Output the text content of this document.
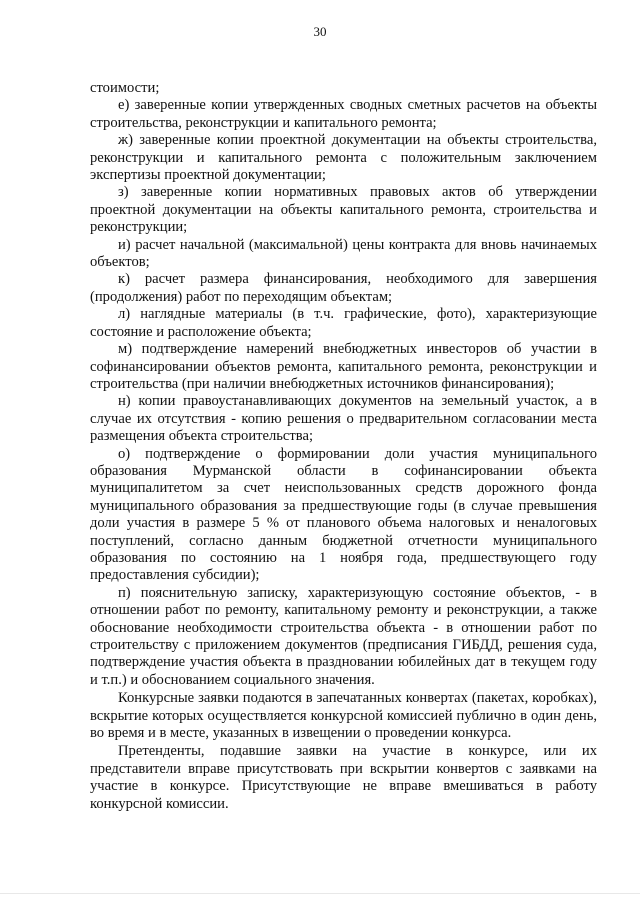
30

стоимости;

е) заверенные копии утвержденных сводных сметных расчетов на объекты строительства, реконструкции и капитального ремонта;

ж) заверенные копии проектной документации на объекты строительства, реконструкции и капитального ремонта с положительным заключением экспертизы проектной документации;

з) заверенные копии нормативных правовых актов об утверждении проектной документации на объекты капитального ремонта, строительства и реконструкции;

и) расчет начальной (максимальной) цены контракта для вновь начинаемых объектов;

к) расчет размера финансирования, необходимого для завершения (продолжения) работ по переходящим объектам;

л) наглядные материалы (в т.ч. графические, фото), характеризующие состояние и расположение объекта;

м) подтверждение намерений внебюджетных инвесторов об участии в софинансировании объектов ремонта, капитального ремонта, реконструкции и строительства (при наличии внебюджетных источников финансирования);

н) копии правоустанавливающих документов на земельный участок, а в случае их отсутствия - копию решения о предварительном согласовании места размещения объекта строительства;

о) подтверждение о формировании доли участия муниципального образования Мурманской области в софинансировании объекта муниципалитетом за счет неиспользованных средств дорожного фонда муниципального образования за предшествующие годы (в случае превышения доли участия в размере 5 % от планового объема налоговых и неналоговых поступлений, согласно данным бюджетной отчетности муниципального образования по состоянию на 1 ноября года, предшествующего году предоставления субсидии);

п) пояснительную записку, характеризующую состояние объектов, - в отношении работ по ремонту, капитальному ремонту и реконструкции, а также обоснование необходимости строительства объекта - в отношении работ по строительству с приложением документов (предписания ГИБДД, решения суда, подтверждение участия объекта в праздновании юбилейных дат в текущем году и т.п.) и обоснованием социального значения.

Конкурсные заявки подаются в запечатанных конвертах (пакетах, коробках), вскрытие которых осуществляется конкурсной комиссией публично в один день, во время и в месте, указанных в извещении о проведении конкурса.

Претенденты, подавшие заявки на участие в конкурсе, или их представители вправе присутствовать при вскрытии конвертов с заявками на участие в конкурсе. Присутствующие не вправе вмешиваться в работу конкурсной комиссии.
